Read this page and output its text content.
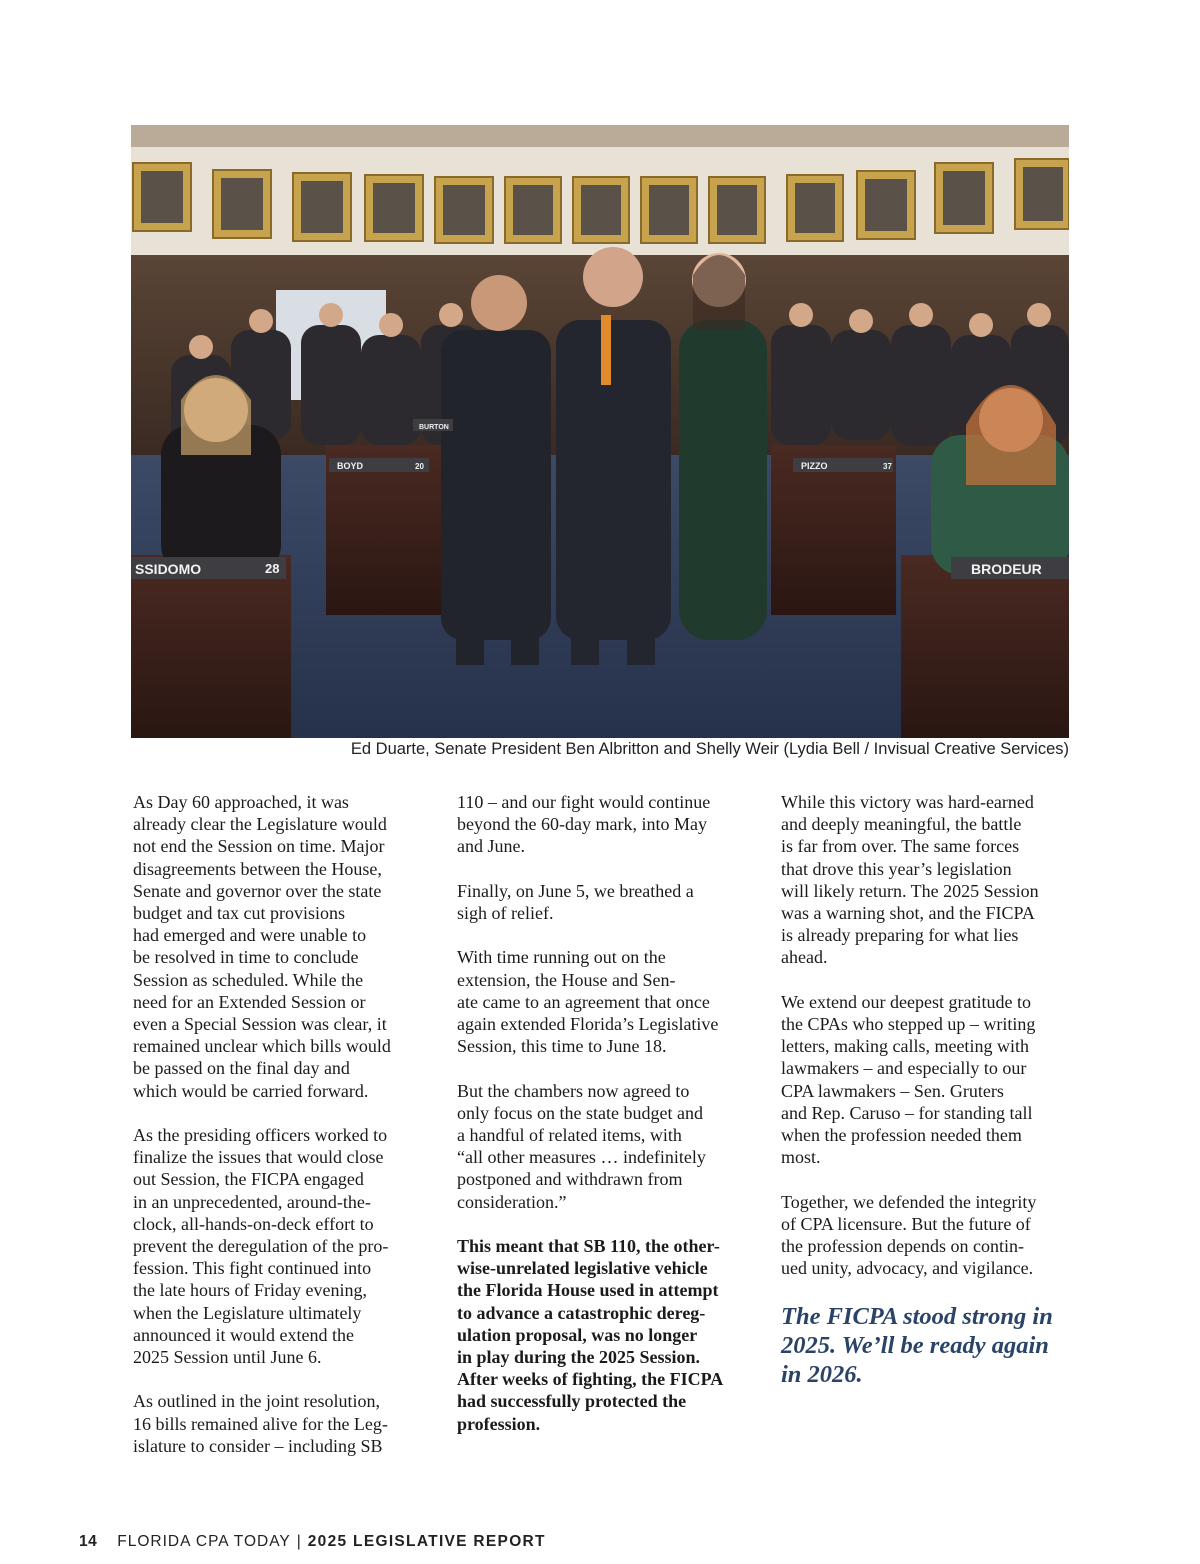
SSIDOMO	28	BRODEUR
BOYD	20
BURTON
PIZZO	37
Ed Duarte, Senate President Ben Albritton and Shelly Weir (Lydia Bell / Invisual Creative Services)

As Day 60 approached, it was
already clear the Legislature would
not end the Session on time. Major
disagreements between the House,
Senate and governor over the state
budget and tax cut provisions
had emerged and were unable to
be resolved in time to conclude
Session as scheduled. While the
need for an Extended Session or
even a Special Session was clear, it
remained unclear which bills would
be passed on the final day and
which would be carried forward.

As the presiding officers worked to
finalize the issues that would close
out Session, the FICPA engaged
in an unprecedented, around-the-
clock, all-hands-on-deck effort to
prevent the deregulation of the pro-
fession. This fight continued into
the late hours of Friday evening,
when the Legislature ultimately
announced it would extend the
2025 Session until June 6.

As outlined in the joint resolution,
16 bills remained alive for the Leg-
islature to consider – including SB

110 – and our fight would continue
beyond the 60-day mark, into May
and June.

Finally, on June 5, we breathed a
sigh of relief.

With time running out on the
extension, the House and Sen-
ate came to an agreement that once
again extended Florida’s Legislative
Session, this time to June 18.

But the chambers now agreed to
only focus on the state budget and
a handful of related items, with
“all other measures … indefinitely
postponed and withdrawn from
consideration.”

This meant that SB 110, the other-
wise-unrelated legislative vehicle
the Florida House used in attempt
to advance a catastrophic dereg-
ulation proposal, was no longer
in play during the 2025 Session.
After weeks of fighting, the FICPA
had successfully protected the
profession.

While this victory was hard-earned
and deeply meaningful, the battle
is far from over. The same forces
that drove this year’s legislation
will likely return. The 2025 Session
was a warning shot, and the FICPA
is already preparing for what lies
ahead.

We extend our deepest gratitude to
the CPAs who stepped up – writing
letters, making calls, meeting with
lawmakers – and especially to our
CPA lawmakers – Sen. Gruters
and Rep. Caruso – for standing tall
when the profession needed them
most.

Together, we defended the integrity
of CPA licensure. But the future of
the profession depends on contin-
ued unity, advocacy, and vigilance.

The FICPA stood strong in
2025. We’ll be ready again
in 2026.

14 FLORIDA CPA TODAY | 2025 LEGISLATIVE REPORT
